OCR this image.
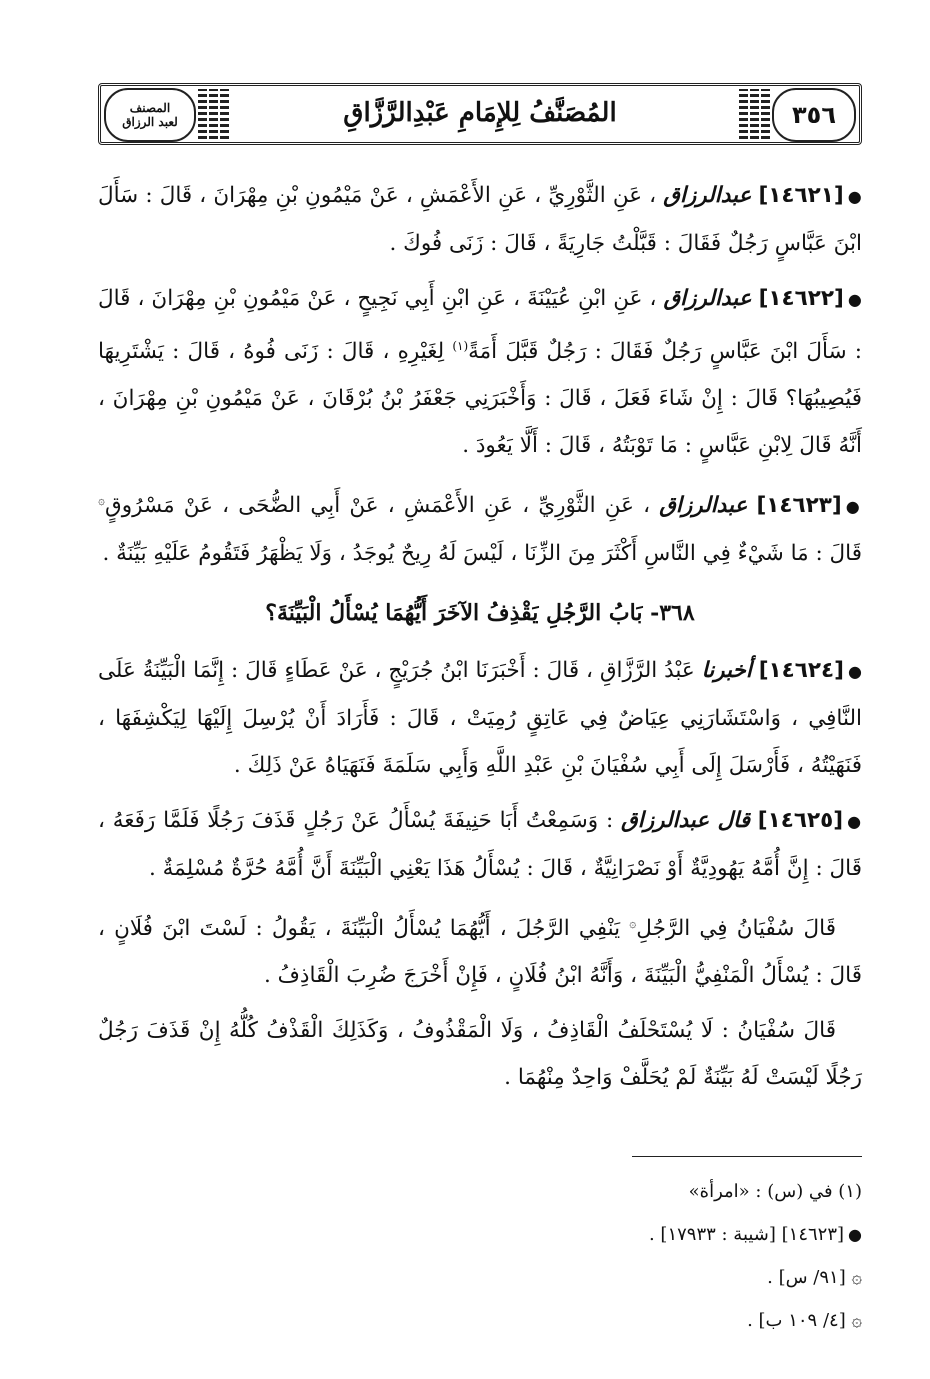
المصنف
لعبد الرزاق	المُصَنَّفُ لِلإِمَامِ عَبْدِالرَّزَّاقِ	٣٥٦

●[١٤٦٢١] عبدالرزاق ، عَنِ الثَّوْرِيِّ ، عَنِ الأَعْمَشِ ، عَنْ مَيْمُونِ بْنِ مِهْرَانَ ، قَالَ : سَأَلَ ابْنَ عَبَّاسٍ رَجُلٌ فَقَالَ : قَبَّلْتُ جَارِيَةً ، قَالَ : زَنَى فُوكَ .

●[١٤٦٢٢] عبدالرزاق ، عَنِ ابْنِ عُيَيْنَةَ ، عَنِ ابْنِ أَبِي نَجِيحٍ ، عَنْ مَيْمُونِ بْنِ مِهْرَانَ ، قَالَ : سَأَلَ ابْنَ عَبَّاسٍ رَجُلٌ فَقَالَ : رَجُلٌ قَبَّلَ أَمَةً$^{(١)}$ لِغَيْرِهِ ، قَالَ : زَنَى فُوهُ ، قَالَ : يَشْتَرِيهَا فَيُصِيبُهَا؟ قَالَ : إِنْ شَاءَ فَعَلَ ، قَالَ : وَأَخْبَرَنِي جَعْفَرُ بْنُ بُرْقَانَ ، عَنْ مَيْمُونِ بْنِ مِهْرَانَ ، أَنَّهُ قَالَ لِابْنِ عَبَّاسٍ : مَا تَوْبَتُهُ ، قَالَ : أَلَّا يَعُودَ .

●[١٤٦٢٣] عبدالرزاق ، عَنِ الثَّوْرِيِّ ، عَنِ الأَعْمَشِ ، عَنْ أَبِي الضُّحَى ، عَنْ مَسْرُوقٍ۞ قَالَ : مَا شَيْءٌ فِي النَّاسِ أَكْثَرَ مِنَ الزِّنَا ، لَيْسَ لَهُ رِيحٌ يُوجَدُ ، وَلَا يَظْهَرُ فَتَقُومُ عَلَيْهِ بَيِّنَةٌ .

٣٦٨- بَابُ الرَّجُلِ يَقْذِفُ الآخَرَ أَيُّهُمَا يُسْأَلُ الْبَيِّنَةَ؟

●[١٤٦٢٤] أخبرنا عَبْدُ الرَّزَّاقِ ، قَالَ : أَخْبَرَنَا ابْنُ جُرَيْجٍ ، عَنْ عَطَاءٍ قَالَ : إِنَّمَا الْبَيِّنَةُ عَلَى النَّافِي ، وَاسْتَشَارَنِي عِيَاضٌ فِي عَاتِقٍ رُمِيَتْ ، قَالَ : فَأَرَادَ أَنْ يُرْسِلَ إِلَيْهَا لِيَكْشِفَهَا ، فَنَهَيْتُهُ ، فَأَرْسَلَ إِلَى أَبِي سُفْيَانَ بْنِ عَبْدِ اللَّهِ وَأَبِي سَلَمَةَ فَنَهَيَاهُ عَنْ ذَلِكَ .

●[١٤٦٢٥] قال عبدالرزاق : وَسَمِعْتُ أَبَا حَنِيفَةَ يُسْأَلُ عَنْ رَجُلٍ قَذَفَ رَجُلًا فَلَمَّا رَفَعَهُ ، قَالَ : إِنَّ أُمَّهُ يَهُودِيَّةٌ أَوْ نَصْرَانِيَّةٌ ، قَالَ : يُسْأَلُ هَذَا يَعْنِي الْبَيِّنَةَ أَنَّ أُمَّهُ حُرَّةٌ مُسْلِمَةٌ .

قَالَ سُفْيَانُ فِي الرَّجُلِ۞ يَنْفِي الرَّجُلَ ، أَيُّهُمَا يُسْأَلُ الْبَيِّنَةَ ، يَقُولُ : لَسْتَ ابْنَ فُلَانٍ ، قَالَ : يُسْأَلُ الْمَنْفِيُّ الْبَيِّنَةَ ، وَأَنَّهُ ابْنُ فُلَانٍ ، فَإِنْ أَخْرَجَ ضُرِبَ الْقَاذِفُ .

قَالَ سُفْيَانُ : لَا يُسْتَحْلَفُ الْقَاذِفُ ، وَلَا الْمَقْذُوفُ ، وَكَذَلِكَ الْقَذْفُ كُلُّهُ إِنْ قَذَفَ رَجُلٌ رَجُلًا لَيْسَتْ لَهُ بَيِّنَةٌ لَمْ يُحَلَّفْ وَاحِدٌ مِنْهُمَا .

(١) في (س) : «امرأة»

●[١٤٦٢٣] [شيبة : ١٧٩٣٣] .

۞ [٩١/ س] .

۞ [٤/ ١٠٩ ب] .
